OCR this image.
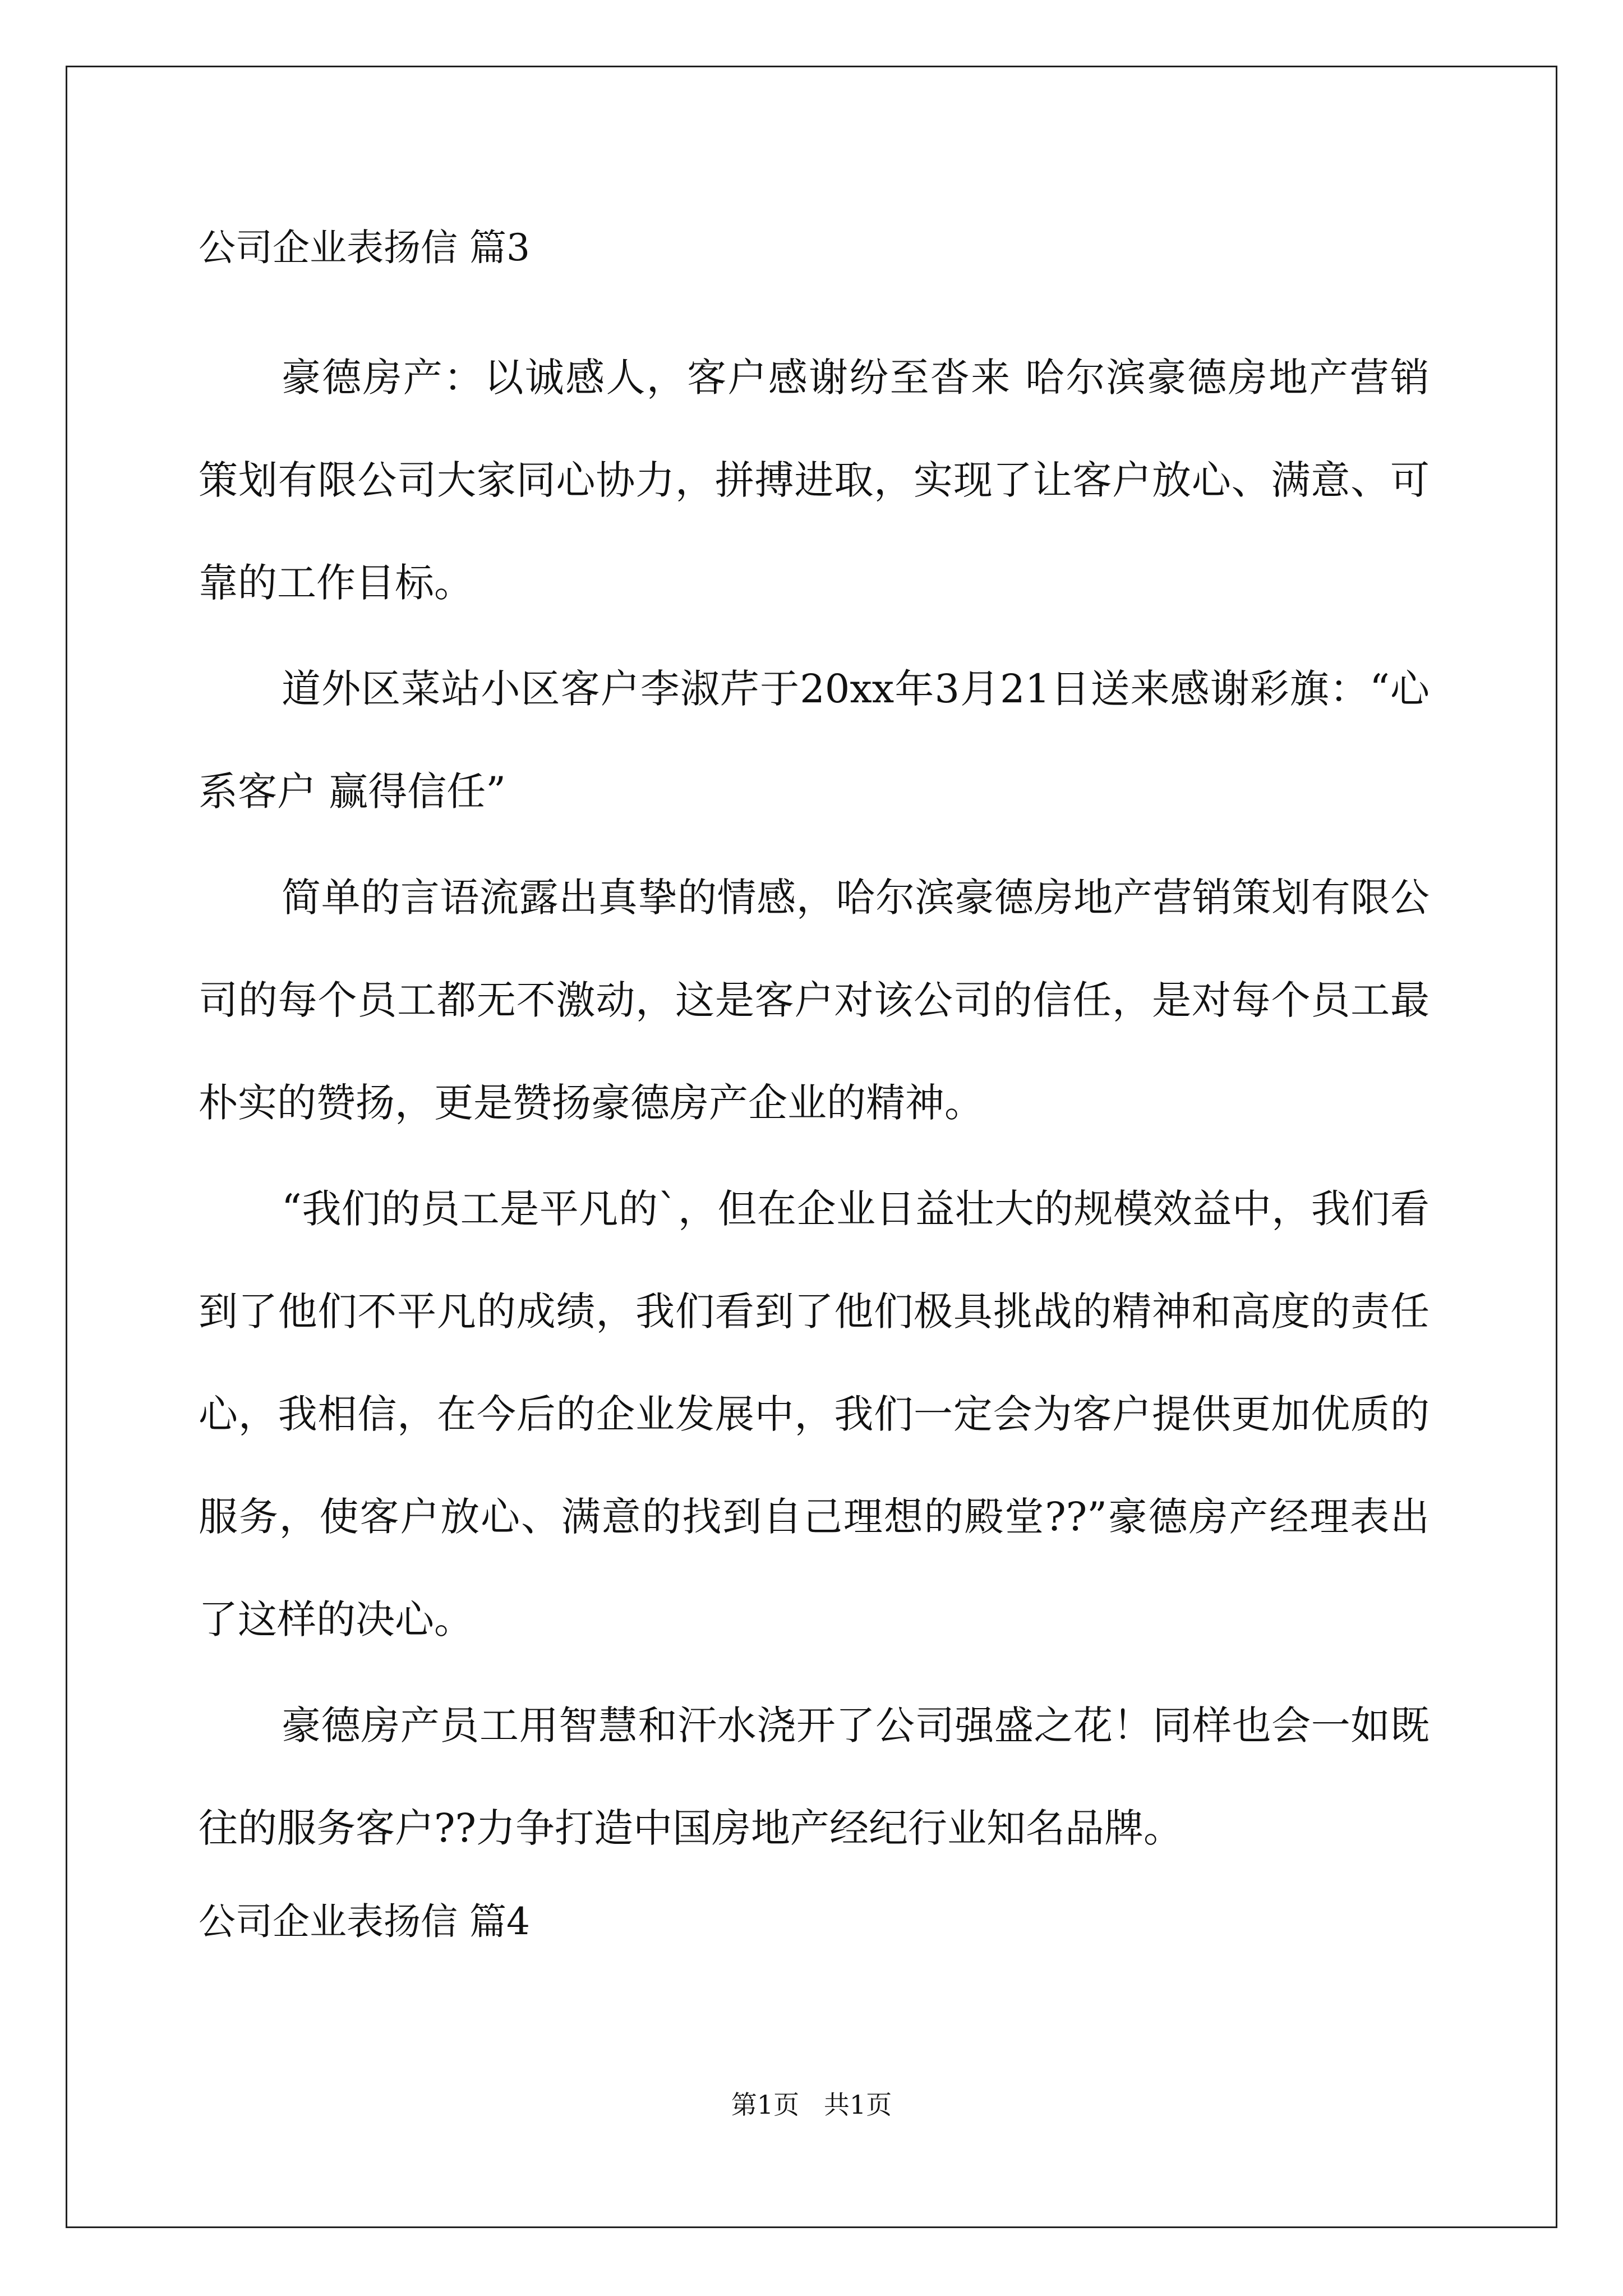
公司企业表扬信 篇3

豪德房产：以诚感人，客户感谢纷至沓来 哈尔滨豪德房地产营销策划有限公司大家同心协力，拼搏进取，实现了让客户放心、满意、可靠的工作目标。

道外区菜站小区客户李淑芹于20xx年3月21日送来感谢彩旗：“心系客户 赢得信任”

简单的言语流露出真挚的情感，哈尔滨豪德房地产营销策划有限公司的每个员工都无不激动，这是客户对该公司的信任，是对每个员工最朴实的赞扬，更是赞扬豪德房产企业的精神。

“我们的员工是平凡的`，但在企业日益壮大的规模效益中，我们看到了他们不平凡的成绩，我们看到了他们极具挑战的精神和高度的责任心，我相信，在今后的企业发展中，我们一定会为客户提供更加优质的服务，使客户放心、满意的找到自己理想的殿堂??”豪德房产经理表出了这样的决心。

豪德房产员工用智慧和汗水浇开了公司强盛之花！同样也会一如既往的服务客户??力争打造中国房地产经纪行业知名品牌。

公司企业表扬信 篇4
第1页   共1页
